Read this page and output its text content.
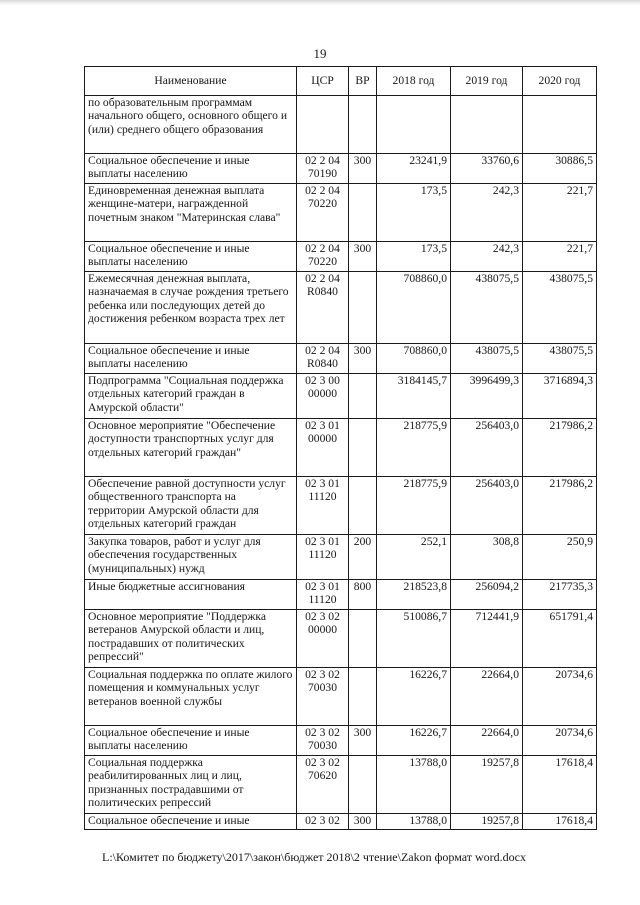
19
Наименование	ЦСР	ВР	2018 год	2019 год	2020 год
по образовательным программам начального общего, основного общего и (или) среднего общего образования					
Социальное обеспечение и иные выплаты населению	02 2 04 70190	300	23241,9	33760,6	30886,5
Единовременная денежная выплата женщине-матери, награжденной почетным знаком "Материнская слава"	02 2 04 70220		173,5	242,3	221,7
Социальное обеспечение и иные выплаты населению	02 2 04 70220	300	173,5	242,3	221,7
Ежемесячная денежная выплата, назначаемая в случае рождения третьего ребенка или последующих детей до достижения ребенком возраста трех лет	02 2 04 R0840		708860,0	438075,5	438075,5
Социальное обеспечение и иные выплаты населению	02 2 04 R0840	300	708860,0	438075,5	438075,5
Подпрограмма "Социальная поддержка отдельных категорий граждан в Амурской области"	02 3 00 00000		3184145,7	3996499,3	3716894,3
Основное мероприятие "Обеспечение доступности транспортных услуг для отдельных категорий граждан"	02 3 01 00000		218775,9	256403,0	217986,2
Обеспечение равной доступности услуг общественного транспорта на территории Амурской области для отдельных категорий граждан	02 3 01 11120		218775,9	256403,0	217986,2
Закупка товаров, работ и услуг для обеспечения государственных (муниципальных) нужд	02 3 01 11120	200	252,1	308,8	250,9
Иные бюджетные ассигнования	02 3 01 11120	800	218523,8	256094,2	217735,3
Основное мероприятие "Поддержка ветеранов Амурской области и лиц, пострадавших от политических репрессий"	02 3 02 00000		510086,7	712441,9	651791,4
Социальная поддержка по оплате жилого помещения и коммунальных услуг ветеранов военной службы	02 3 02 70030		16226,7	22664,0	20734,6
Социальное обеспечение и иные выплаты населению	02 3 02 70030	300	16226,7	22664,0	20734,6
Социальная поддержка реабилитированных лиц и лиц, признанных пострадавшими от политических репрессий	02 3 02 70620		13788,0	19257,8	17618,4
Социальное обеспечение и иные	02 3 02	300	13788,0	19257,8	17618,4
L:\Комитет по бюджету\2017\закон\бюджет 2018\2 чтение\Zakon формат word.docx
